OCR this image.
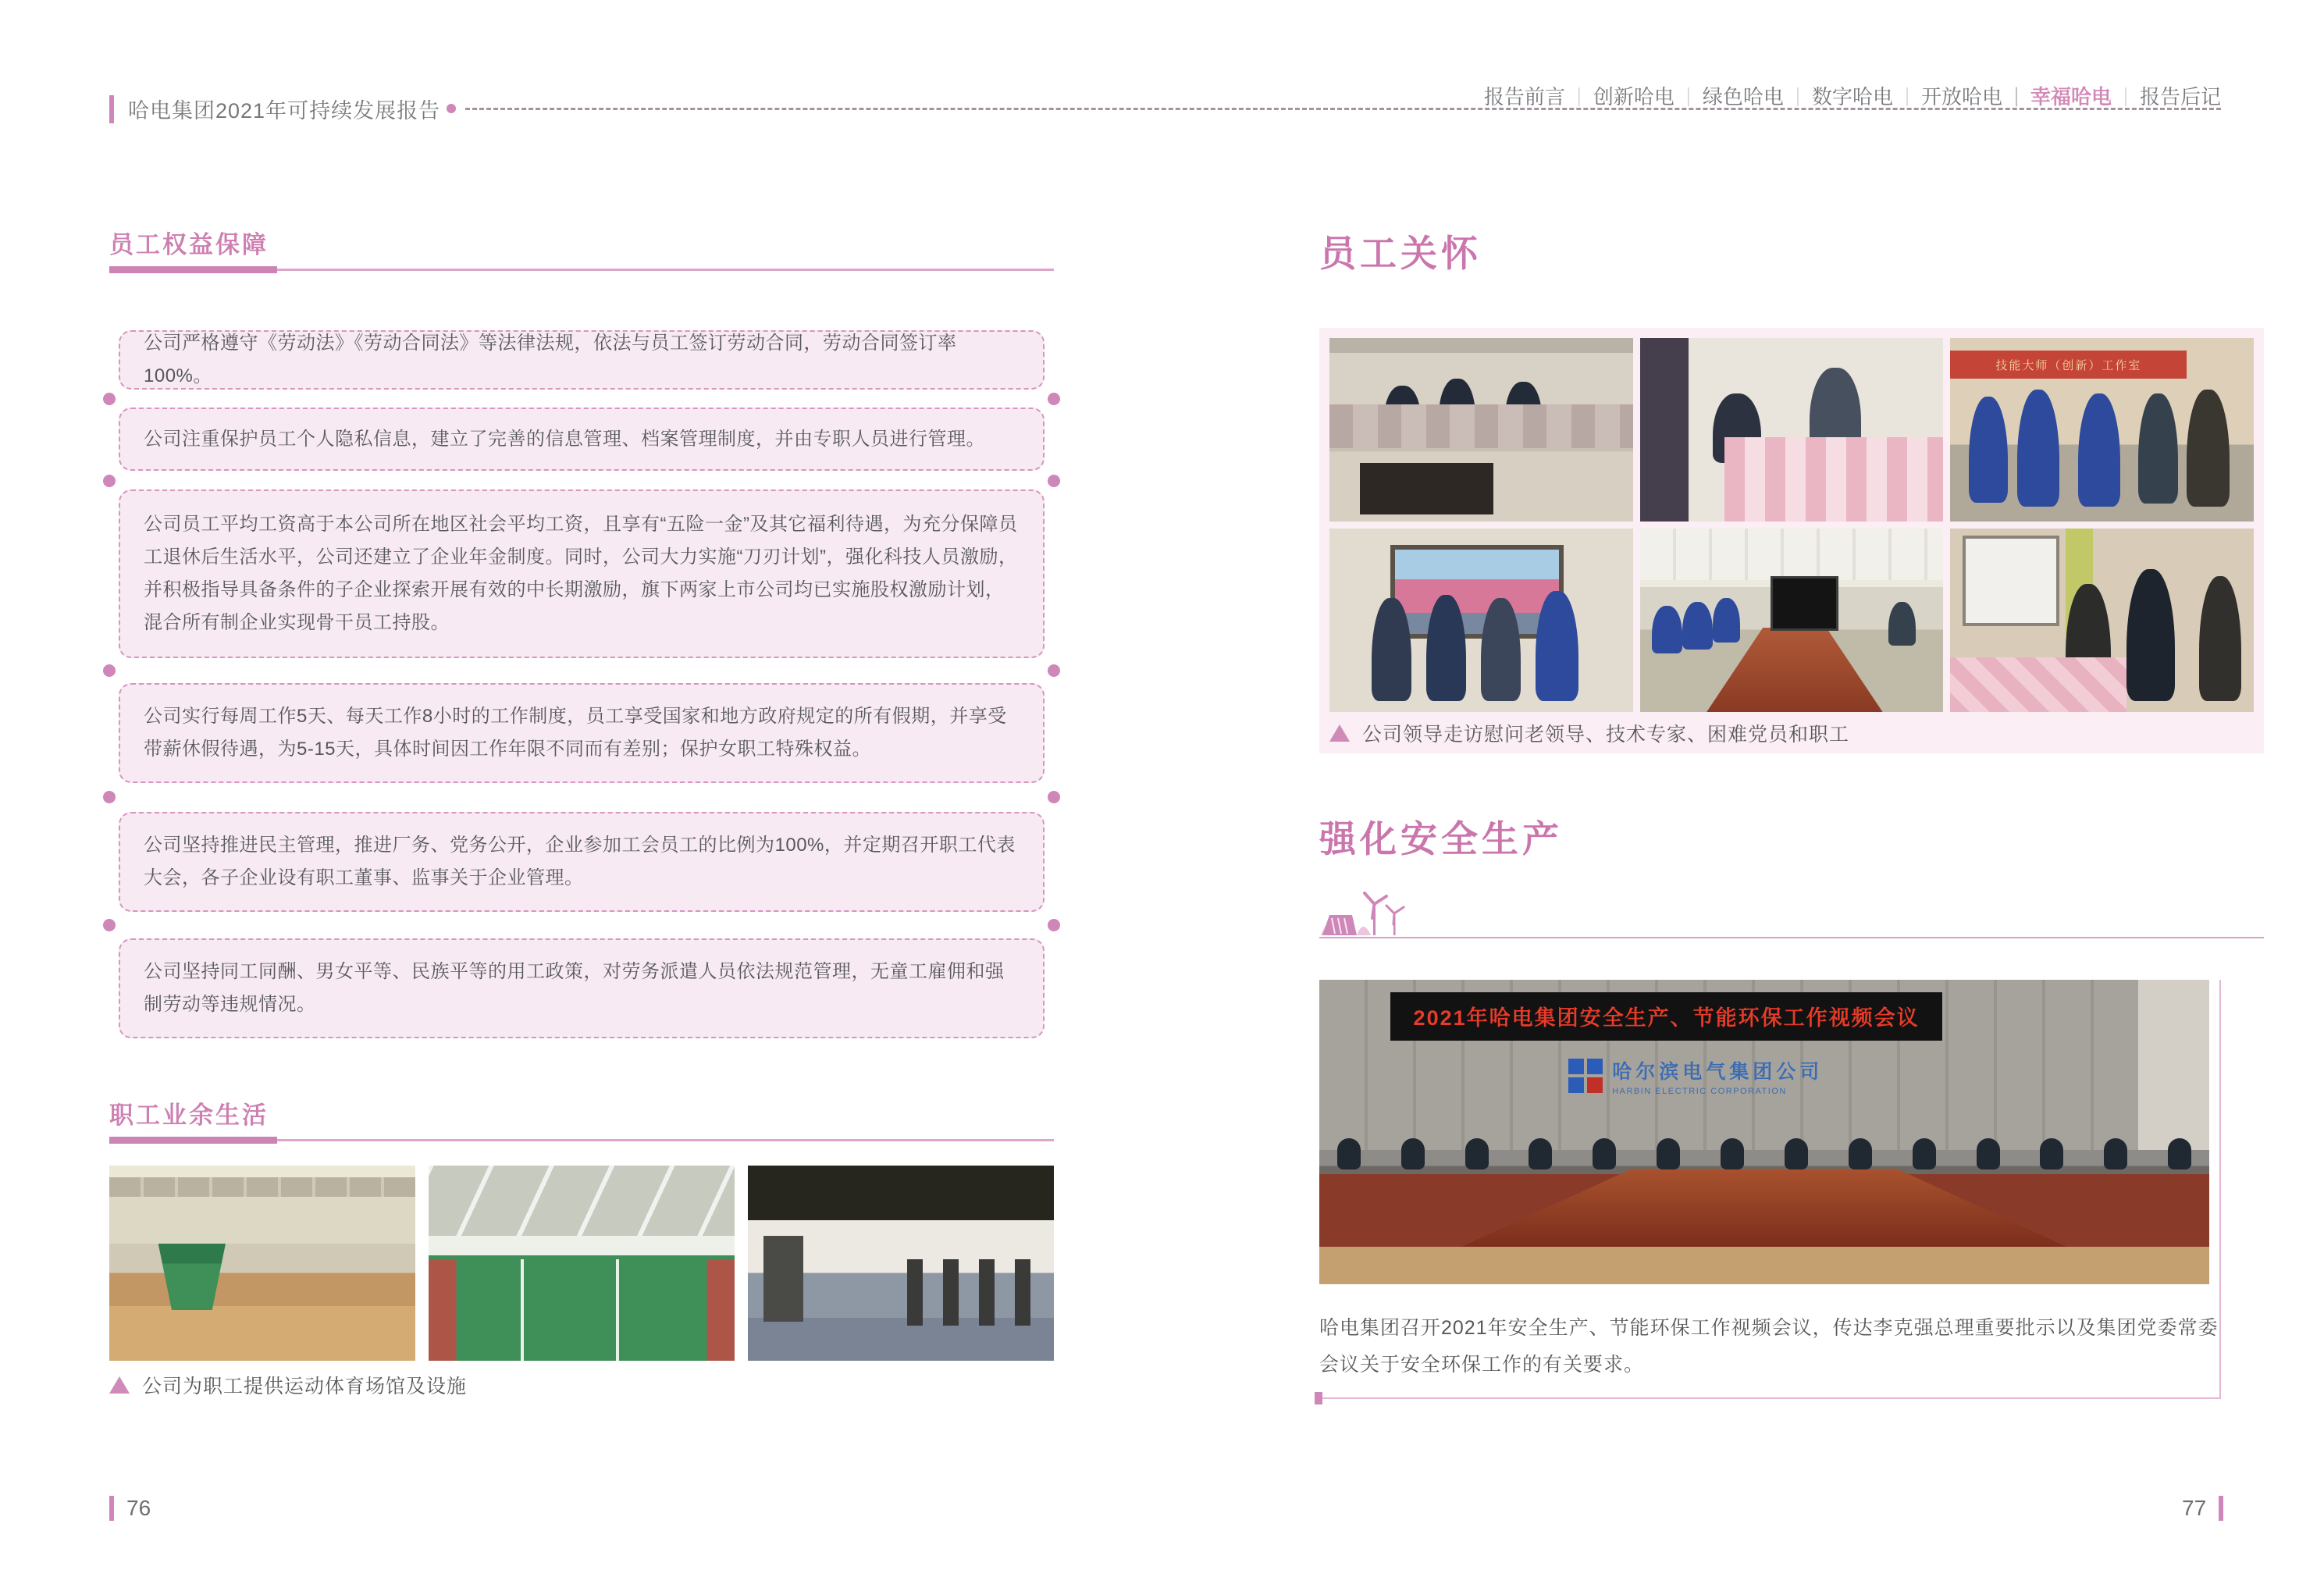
哈电集团2021年可持续发展报告
报告前言	｜ 创新哈电	｜ 绿色哈电	｜ 数字哈电	｜ 开放哈电	｜ 幸福哈电	｜ 报告后记
员工权益保障
公司严格遵守《劳动法》《劳动合同法》等法律法规，依法与员工签订劳动合同，劳动合同签订率100%。
公司注重保护员工个人隐私信息，建立了完善的信息管理、档案管理制度，并由专职人员进行管理。
公司员工平均工资高于本公司所在地区社会平均工资，且享有“五险一金”及其它福利待遇，为充分保障员工退休后生活水平，公司还建立了企业年金制度。同时，公司大力实施“刀刃计划”，强化科技人员激励，并积极指导具备条件的子企业探索开展有效的中长期激励，旗下两家上市公司均已实施股权激励计划，混合所有制企业实现骨干员工持股。
公司实行每周工作5天、每天工作8小时的工作制度，员工享受国家和地方政府规定的所有假期，并享受带薪休假待遇，为5-15天，具体时间因工作年限不同而有差别；保护女职工特殊权益。
公司坚持推进民主管理，推进厂务、党务公开，企业参加工会员工的比例为100%，并定期召开职工代表大会，各子企业设有职工董事、监事关于企业管理。
公司坚持同工同酬、男女平等、民族平等的用工政策，对劳务派遣人员依法规范管理，无童工雇佣和强制劳动等违规情况。
职工业余生活
公司为职工提供运动体育场馆及设施
76
员工关怀
技能大师（创新）工作室
公司领导走访慰问老领导、技术专家、困难党员和职工
强化安全生产
2021年哈电集团安全生产、节能环保工作视频会议
哈尔滨电气集团公司
HARBIN ELECTRIC CORPORATION
哈电集团召开2021年安全生产、节能环保工作视频会议，传达李克强总理重要批示以及集团党委常委会议关于安全环保工作的有关要求。
77
